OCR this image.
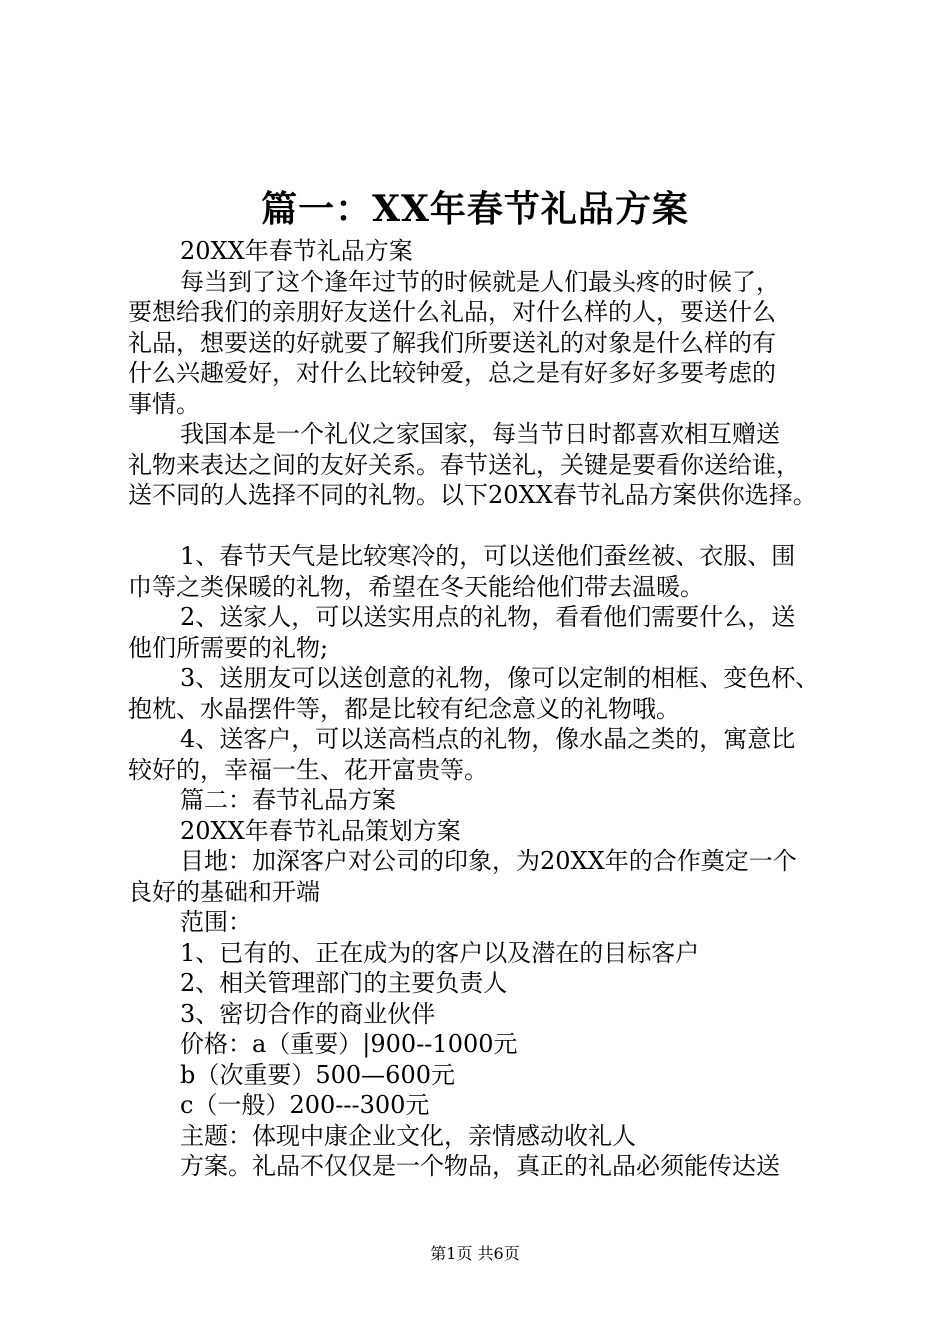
篇一：XX年春节礼品方案

20XX年春节礼品方案

每当到了这个逢年过节的时候就是人们最头疼的时候了，

要想给我们的亲朋好友送什么礼品，对什么样的人，要送什么

礼品，想要送的好就要了解我们所要送礼的对象是什么样的有

什么兴趣爱好，对什么比较钟爱，总之是有好多好多要考虑的

事情。

我国本是一个礼仪之家国家，每当节日时都喜欢相互赠送

礼物来表达之间的友好关系。春节送礼，关键是要看你送给谁，

送不同的人选择不同的礼物。以下20XX春节礼品方案供你选择。

1、春节天气是比较寒冷的，可以送他们蚕丝被、衣服、围

巾等之类保暖的礼物，希望在冬天能给他们带去温暖。

2、送家人，可以送实用点的礼物，看看他们需要什么，送

他们所需要的礼物;

3、送朋友可以送创意的礼物，像可以定制的相框、变色杯、

抱枕、水晶摆件等，都是比较有纪念意义的礼物哦。

4、送客户，可以送高档点的礼物，像水晶之类的，寓意比

较好的，幸福一生、花开富贵等。

篇二：春节礼品方案

20XX年春节礼品策划方案

目地：加深客户对公司的印象，为20XX年的合作奠定一个

良好的基础和开端

范围：

1、已有的、正在成为的客户以及潜在的目标客户

2、相关管理部门的主要负责人

3、密切合作的商业伙伴

价格：a（重要）|900--1000元

b（次重要）500—600元

c（一般）200---300元

主题：体现中康企业文化，亲情感动收礼人

方案。礼品不仅仅是一个物品，真正的礼品必须能传达送

第1页 共6页
